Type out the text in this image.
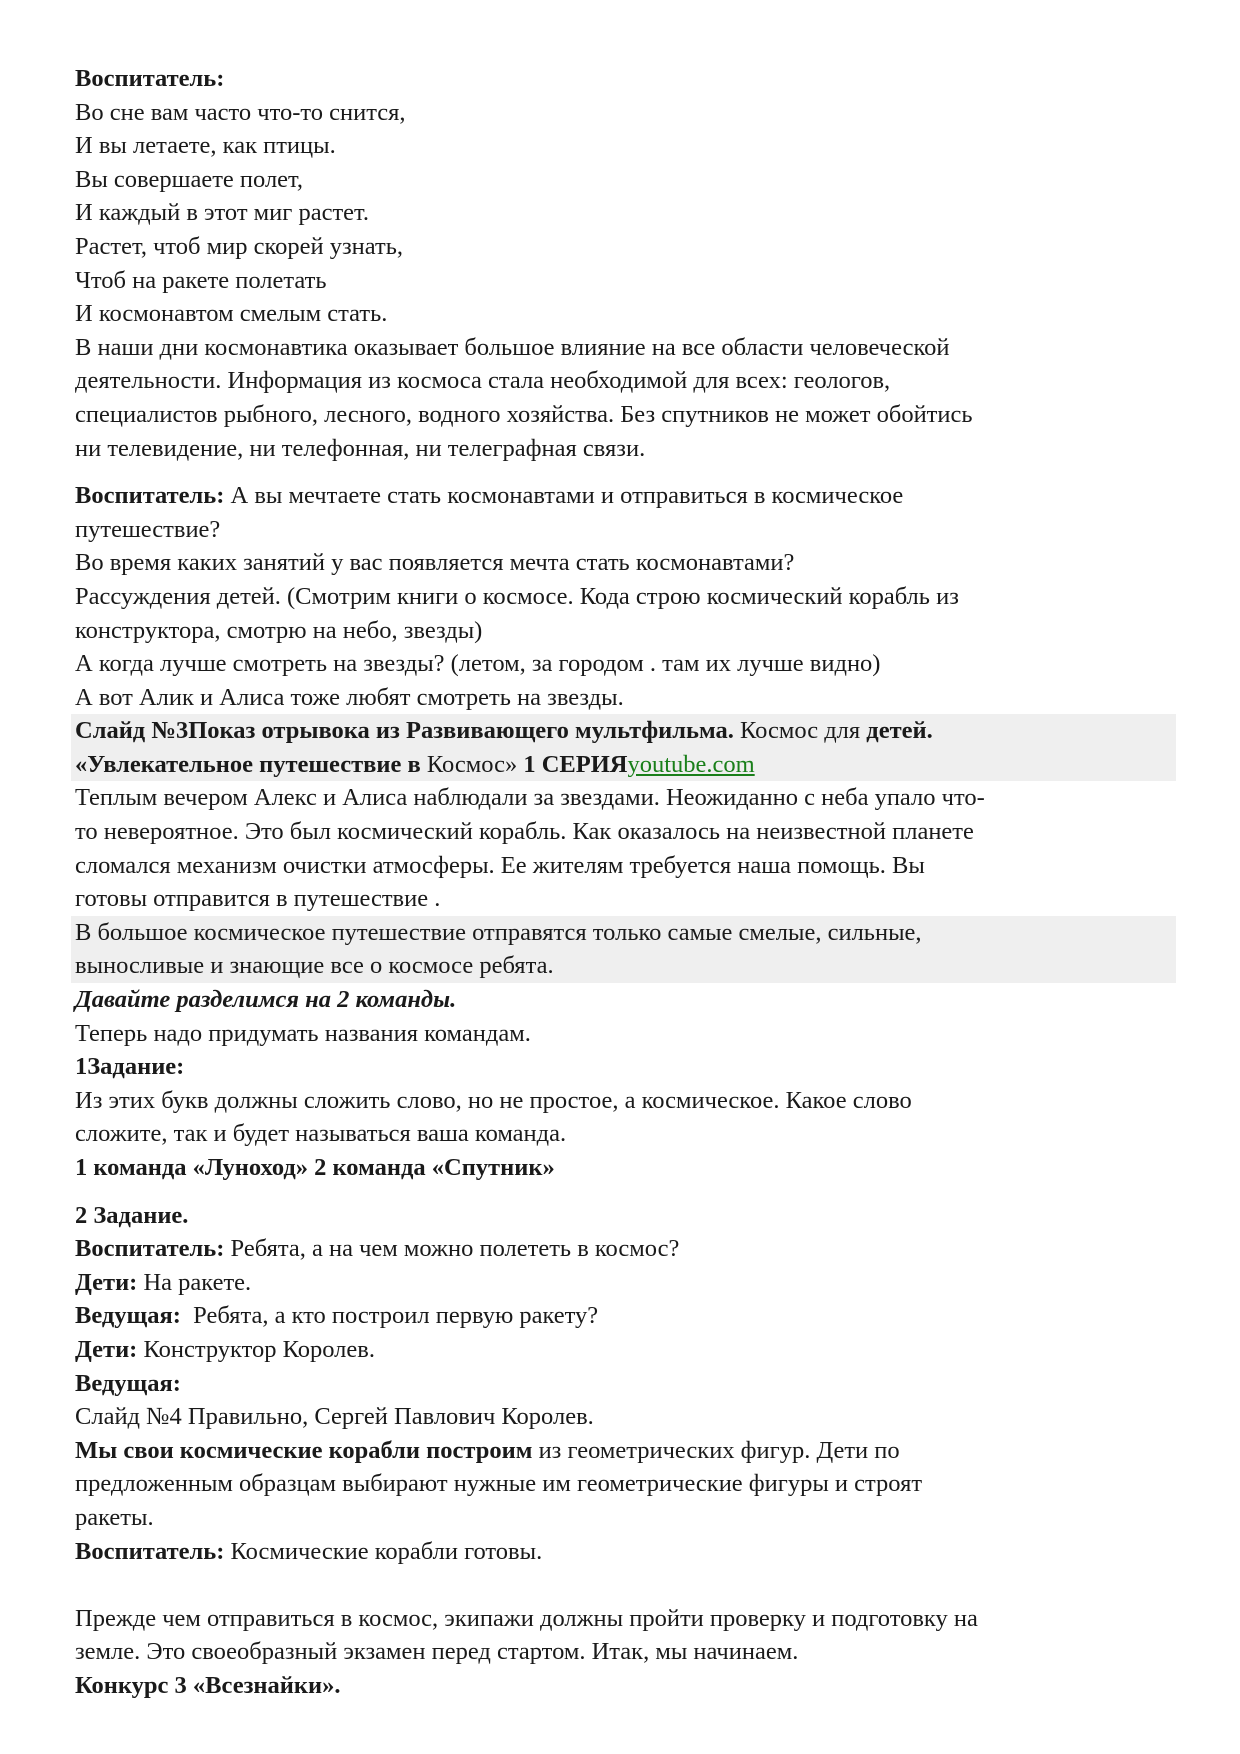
Воспитатель:
Во сне вам часто что-то снится,
И вы летаете, как птицы.
Вы совершаете полет,
И каждый в этот миг растет.
Растет, чтоб мир скорей узнать,
Чтоб на ракете полетать
И космонавтом смелым стать.
В наши дни космонавтика оказывает большое влияние на все области человеческой
деятельности. Информация из космоса стала необходимой для всех: геологов,
специалистов рыбного, лесного, водного хозяйства. Без спутников не может обойтись
ни телевидение, ни телефонная, ни телеграфная связи.
Воспитатель: А вы мечтаете стать космонавтами и отправиться в космическое
путешествие?
Во время каких занятий у вас появляется мечта стать космонавтами?
Рассуждения детей. (Смотрим книги о космосе. Кода строю космический корабль из
конструктора, смотрю на небо, звезды)
А когда лучше смотреть на звезды? (летом, за городом . там их лучше видно)
А вот Алик и Алиса тоже любят смотреть на звезды.
Слайд №3Показ отрывока из Развивающего мультфильма. Космос для детей.
«Увлекательное путешествие в Космос» 1 СЕРИЯyoutube.com
Теплым вечером Алекс и Алиса наблюдали за звездами. Неожиданно с неба упало что-
то невероятное. Это был космический корабль. Как оказалось на неизвестной планете
сломался механизм очистки атмосферы. Ее жителям требуется наша помощь. Вы
готовы отправится в путешествие .
В большое космическое путешествие отправятся только самые смелые, сильные,
выносливые и знающие все о космосе ребята.
Давайте разделимся на 2 команды.
Теперь надо придумать названия командам.
1Задание:
Из этих букв должны сложить слово, но не простое, а космическое. Какое слово
сложите, так и будет называться ваша команда.
1 команда «Луноход» 2 команда «Спутник»
2 Задание.
Воспитатель: Ребята, а на чем можно полететь в космос?
Дети: На ракете.
Ведущая:  Ребята, а кто построил первую ракету?
Дети: Конструктор Королев.
Ведущая:
Слайд №4 Правильно, Сергей Павлович Королев.
Мы свои космические корабли построим из геометрических фигур. Дети по
предложенным образцам выбирают нужные им геометрические фигуры и строят
ракеты.
Воспитатель: Космические корабли готовы.
Прежде чем отправиться в космос, экипажи должны пройти проверку и подготовку на
земле. Это своеобразный экзамен перед стартом. Итак, мы начинаем.
Конкурс 3 «Всезнайки».
